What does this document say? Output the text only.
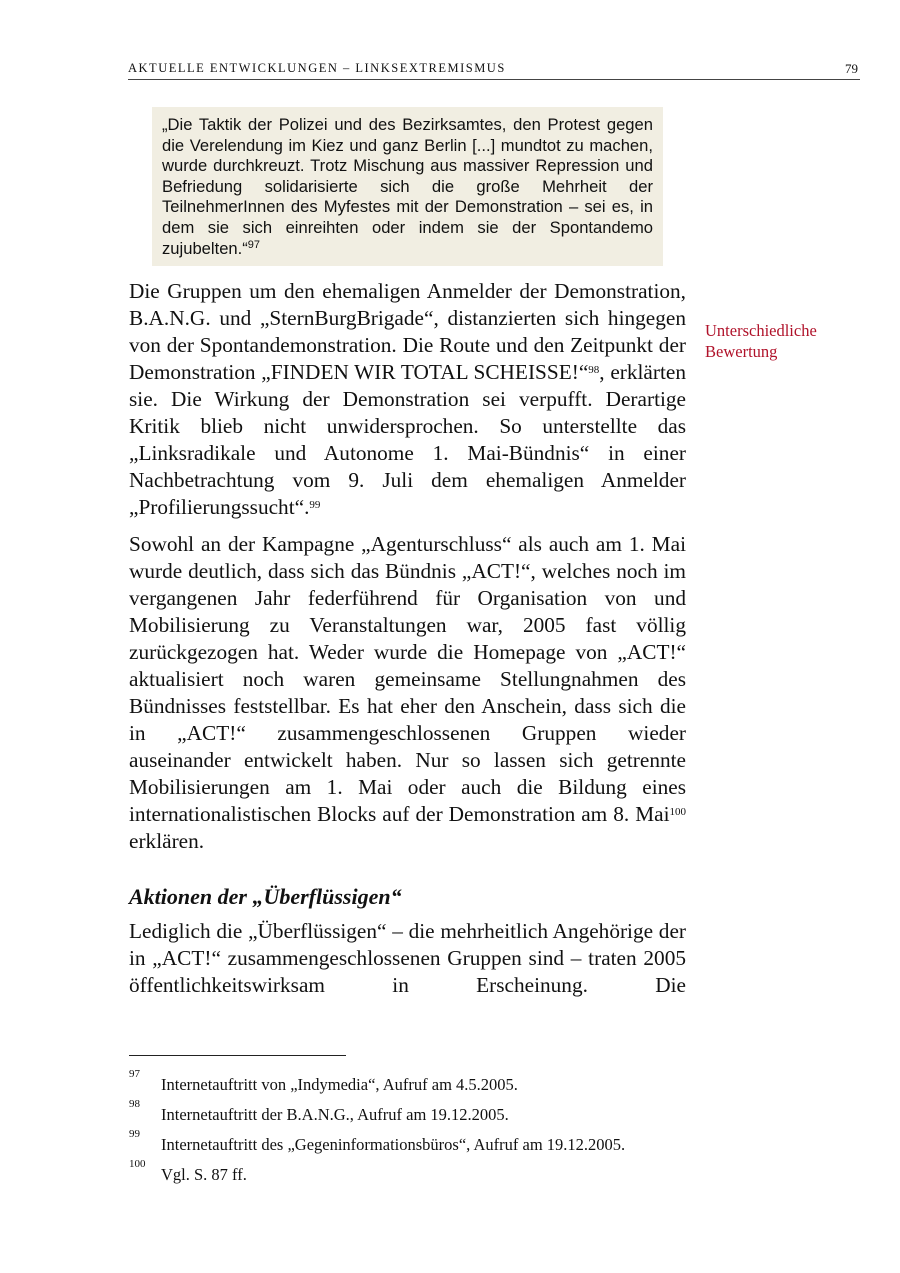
AKTUELLE ENTWICKLUNGEN – LINKSEXTREMISMUS	79
„Die Taktik der Polizei und des Bezirksamtes, den Protest gegen die Verelendung im Kiez und ganz Berlin [...] mundtot zu machen, wurde durchkreuzt. Trotz Mischung aus massiver Repression und Befriedung solidarisierte sich die große Mehrheit der TeilnehmerInnen des Myfestes mit der Demonstration – sei es, in dem sie sich einreihten oder indem sie der Spontandemo zujubelten.“$^{97}$
Unterschiedliche
Bewertung

Die Gruppen um den ehemaligen Anmelder der Demonstration, B.A.N.G. und „SternBurgBrigade“, distanzierten sich hingegen von der Spontandemonstration. Die Route und den Zeitpunkt der Demonstration „FINDEN WIR TOTAL SCHEISSE!“$^{98}$, erklärten sie. Die Wirkung der Demonstration sei verpufft. Derartige Kritik blieb nicht unwidersprochen. So unterstellte das „Linksradikale und Autonome 1. Mai-Bündnis“ in einer Nachbetrachtung vom 9. Juli dem ehemaligen Anmelder „Profilierungssucht“.$^{99}$

Sowohl an der Kampagne „Agenturschluss“ als auch am 1. Mai wurde deutlich, dass sich das Bündnis „ACT!“, welches noch im vergangenen Jahr federführend für Organisation von und Mobilisierung zu Veranstaltungen war, 2005 fast völlig zurückgezogen hat. Weder wurde die Homepage von „ACT!“ aktualisiert noch waren gemeinsame Stellungnahmen des Bündnisses feststellbar. Es hat eher den Anschein, dass sich die in „ACT!“ zusammengeschlossenen Gruppen wieder auseinander entwickelt haben. Nur so lassen sich getrennte Mobilisierungen am 1. Mai oder auch die Bildung eines internationalistischen Blocks auf der Demonstration am 8. Mai$^{100}$ erklären.

Aktionen der „Überflüssigen“

Lediglich die „Überflüssigen“ – die mehrheitlich Angehörige der in „ACT!“ zusammengeschlossenen Gruppen sind – traten 2005 öffentlichkeitswirksam in Erscheinung. Die

97
Internetauftritt von „Indymedia“, Aufruf am 4.5.2005.
98
Internetauftritt der B.A.N.G., Aufruf am 19.12.2005.
99
Internetauftritt des „Gegeninformationsbüros“, Aufruf am 19.12.2005.
100
Vgl. S. 87 ff.
